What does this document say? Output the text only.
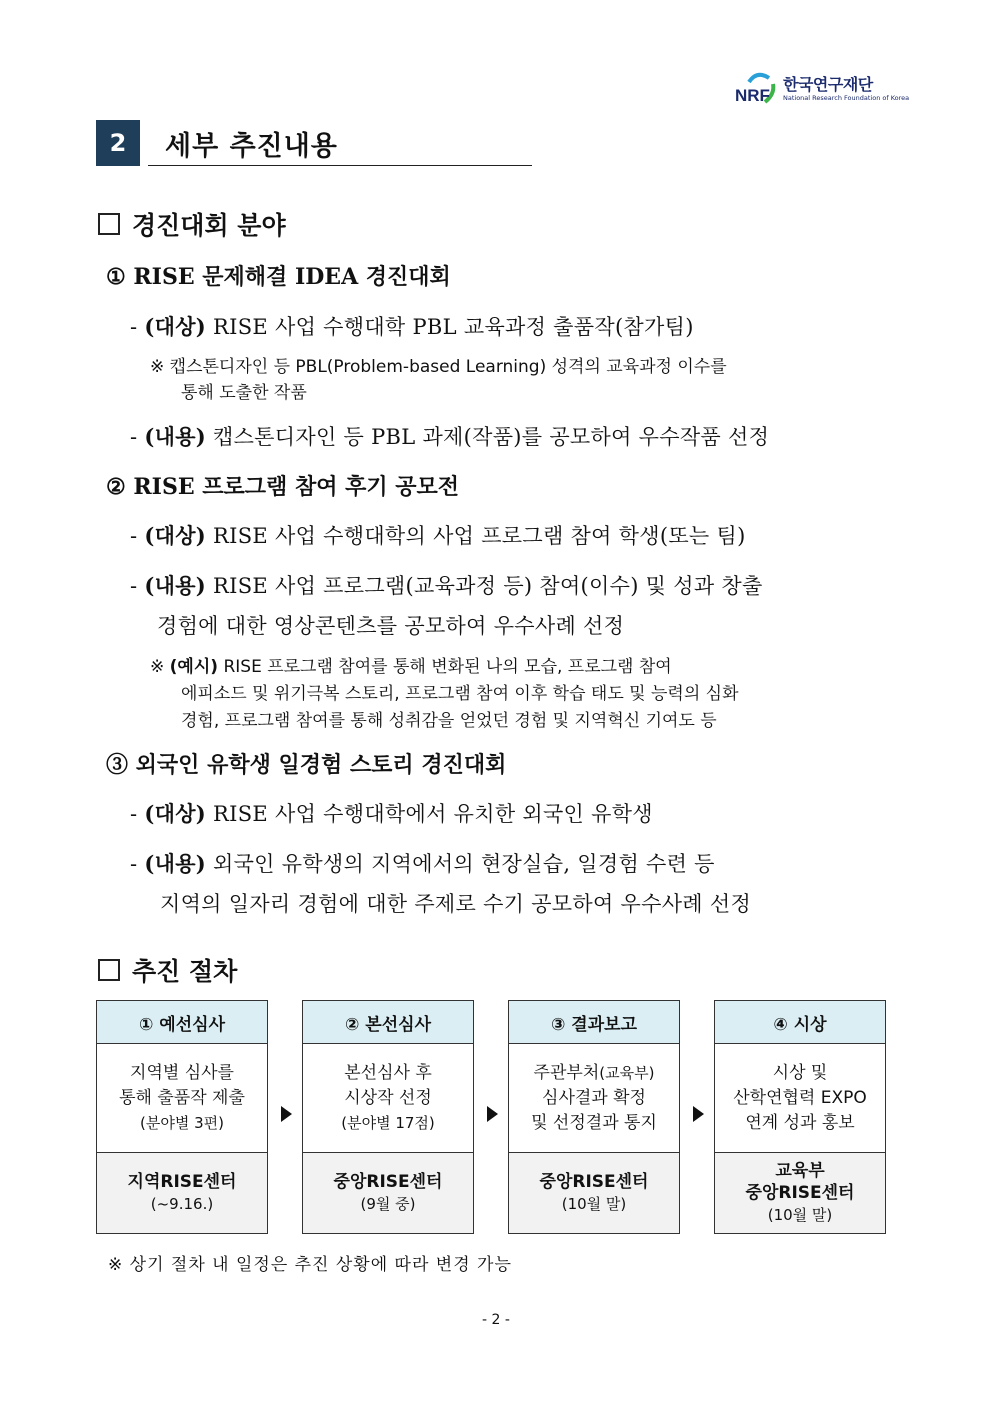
NRF
한국연구재단
National Research Foundation of Korea
2	세부 추진내용
경진대회 분야
① RISE 문제해결 IDEA 경진대회
- (대상) RISE 사업 수행대학 PBL 교육과정 출품작(참가팀)
※ 캡스톤디자인 등 PBL(Problem-based Learning) 성격의 교육과정 이수를
통해 도출한 작품
- (내용) 캡스톤디자인 등 PBL 과제(작품)를 공모하여 우수작품 선정
② RISE 프로그램 참여 후기 공모전
- (대상) RISE 사업 수행대학의 사업 프로그램 참여 학생(또는 팀)
- (내용) RISE 사업 프로그램(교육과정 등) 참여(이수) 및 성과 창출
경험에 대한 영상콘텐츠를 공모하여 우수사례 선정
※ (예시) RISE 프로그램 참여를 통해 변화된 나의 모습, 프로그램 참여
에피소드 및 위기극복 스토리, 프로그램 참여 이후 학습 태도 및 능력의 심화
경험, 프로그램 참여를 통해 성취감을 얻었던 경험 및 지역혁신 기여도 등
③ 외국인 유학생 일경험 스토리 경진대회
- (대상) RISE 사업 수행대학에서 유치한 외국인 유학생
- (내용) 외국인 유학생의 지역에서의 현장실습, 일경험 수련 등
지역의 일자리 경험에 대한 주제로 수기 공모하여 우수사례 선정
추진 절차
① 예선심사
지역별 심사를
통해 출품작 제출
(분야별 3편)
지역RISE센터
(~9.16.)
② 본선심사
본선심사 후
시상작 선정
(분야별 17점)
중앙RISE센터
(9월 중)
③ 결과보고
주관부처(교육부)
심사결과 확정
및 선정결과 통지
중앙RISE센터
(10월 말)
④ 시상
시상 및
산학연협력 EXPO
연계 성과 홍보
교육부
중앙RISE센터
(10월 말)
※ 상기 절차 내 일정은 추진 상황에 따라 변경 가능
- 2 -
